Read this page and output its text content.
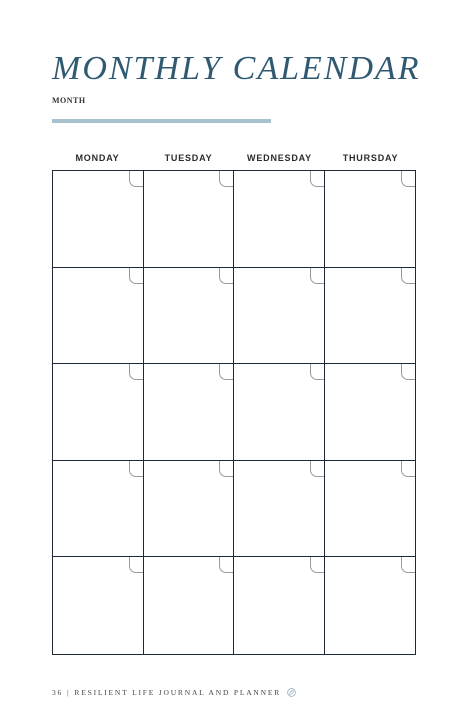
MONTHLY CALENDAR
MONTH
MONDAY	TUESDAY	WEDNESDAY	THURSDAY
36 | RESILIENT LIFE JOURNAL AND PLANNER
